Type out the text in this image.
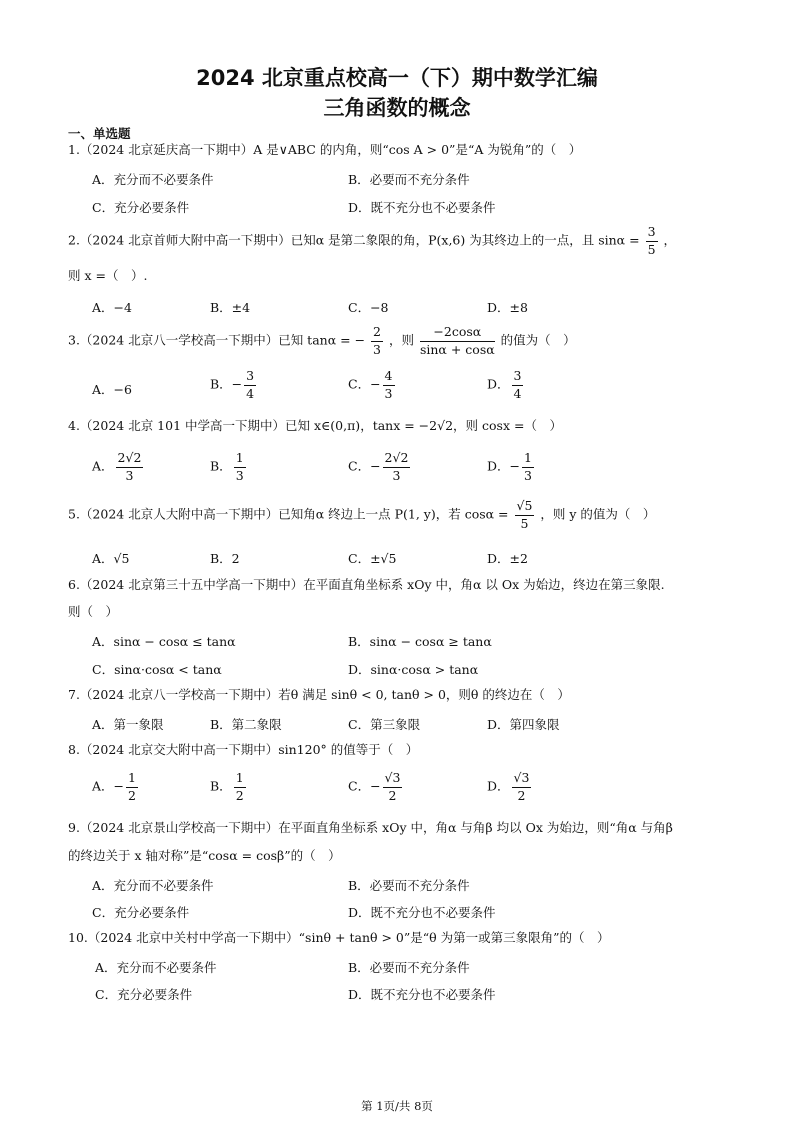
2024 北京重点校高一（下）期中数学汇编
三角函数的概念
一、单选题
1.（2024 北京延庆高一下期中）A 是∨ABC 的内角，则“cos A > 0”是“A 为锐角”的（　）
A．充分而不必要条件	B．必要而不充分条件
C．充分必要条件	D．既不充分也不必要条件
2.（2024 北京首师大附中高一下期中）已知α 是第二象限的角，P(x,6) 为其终边上的一点，且 $\sin\alpha = \frac{3}{5}$ ，
则 x =（　）.
A．−4	B．±4	C．−8	D．±8
3.（2024 北京八一学校高一下期中）已知 tanα = − $\frac{2}{3}$ ，则 $\frac{-2\cos\alpha}{\sin\alpha + \cos\alpha}$ 的值为（　）
A．−6	B．− $\frac{3}{4}$	C．− $\frac{4}{3}$	D． $\frac{3}{4}$
4.（2024 北京 101 中学高一下期中）已知 x∈(0,π)，tanx = −2√2，则 cosx =（　）
A． $\frac{2√2}{3}$	B． $\frac{1}{3}$	C．− $\frac{2√2}{3}$	D．− $\frac{1}{3}$
5.（2024 北京人大附中高一下期中）已知角α 终边上一点 P(1, y)，若 $\cos\alpha = \frac{√5}{5}$ ，则 y 的值为（　）
A．√5	B．2	C．±√5	D．±2
6.（2024 北京第三十五中学高一下期中）在平面直角坐标系 xOy 中，角α 以 Ox 为始边，终边在第三象限.
则（　）
A．sinα − cosα ≤ tanα	B．sinα − cosα ≥ tanα
C．sinα·cosα < tanα	D．sinα·cosα > tanα
7.（2024 北京八一学校高一下期中）若θ 满足 sinθ < 0, tanθ > 0，则θ 的终边在（　）
A．第一象限	B．第二象限	C．第三象限	D．第四象限
8.（2024 北京交大附中高一下期中）sin120° 的值等于（　）
A．− $\frac{1}{2}$	B． $\frac{1}{2}$	C．− $\frac{√3}{2}$	D． $\frac{√3}{2}$
9.（2024 北京景山学校高一下期中）在平面直角坐标系 xOy 中，角α 与角β 均以 Ox 为始边，则“角α 与角β
的终边关于 x 轴对称”是“cosα = cosβ”的（　）
A．充分而不必要条件	B．必要而不充分条件
C．充分必要条件	D．既不充分也不必要条件
10.（2024 北京中关村中学高一下期中）“sinθ + tanθ > 0”是“θ 为第一或第三象限角”的（　）
A．充分而不必要条件	B．必要而不充分条件
C．充分必要条件	D．既不充分也不必要条件
第 1页/共 8页
